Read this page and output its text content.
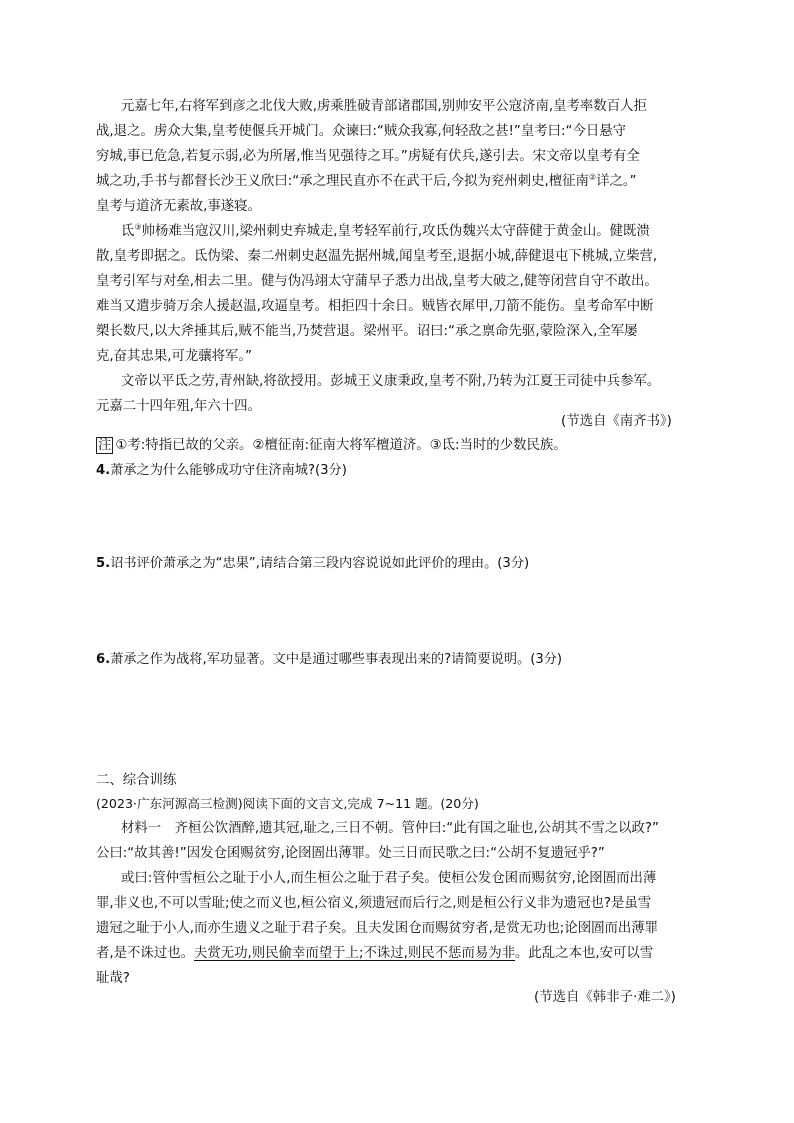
元嘉七年,右将军到彦之北伐大败,虏乘胜破青部诸郡国,别帅安平公寇济南,皇考率数百人拒
战,退之。虏众大集,皇考使偃兵开城门。众谏曰:“贼众我寡,何轻敌之甚!”皇考曰:“今日悬守
穷城,事已危急,若复示弱,必为所屠,惟当见强待之耳。”虏疑有伏兵,遂引去。宋文帝以皇考有全
城之功,手书与都督长沙王义欣曰:“承之理民直亦不在武干后,今拟为兖州刺史,檀征南②详之。”
皇考与道济无素故,事遂寝。
氐③帅杨难当寇汉川,梁州刺史弃城走,皇考轻军前行,攻氐伪魏兴太守薛健于黄金山。健既溃
散,皇考即据之。氐伪梁、秦二州刺史赵温先据州城,闻皇考至,退据小城,薛健退屯下桃城,立柴营,
皇考引军与对垒,相去二里。健与伪冯翊太守蒲早子悉力出战,皇考大破之,健等闭营自守不敢出。
难当又遣步骑万余人援赵温,攻逼皇考。相拒四十余日。贼皆衣犀甲,刀箭不能伤。皇考命军中断
槊长数尺,以大斧捶其后,贼不能当,乃焚营退。梁州平。诏曰:“承之禀命先驱,蒙险深入,全军屡
克,奋其忠果,可龙骧将军。”
文帝以平氐之劳,青州缺,将欲授用。彭城王义康秉政,皇考不附,乃转为江夏王司徒中兵参军。
元嘉二十四年殂,年六十四。
(节选自《南齐书》)
注 ①考:特指已故的父亲。②檀征南:征南大将军檀道济。③氐:当时的少数民族。
4.萧承之为什么能够成功守住济南城?(3分)
5.诏书评价萧承之为“忠果”,请结合第三段内容说说如此评价的理由。(3分)
6.萧承之作为战将,军功显著。文中是通过哪些事表现出来的?请简要说明。(3分)
二、综合训练
(2023·广东河源高三检测)阅读下面的文言文,完成 7~11 题。(20分)
材料一　齐桓公饮酒醉,遗其冠,耻之,三日不朝。管仲曰:“此有国之耻也,公胡其不雪之以政?”
公曰:“故其善!”因发仓囷赐贫穷,论囹圄出薄罪。处三日而民歌之曰:“公胡不复遗冠乎?”
或曰:管仲雪桓公之耻于小人,而生桓公之耻于君子矣。使桓公发仓囷而赐贫穷,论囹圄而出薄
罪,非义也,不可以雪耻;使之而义也,桓公宿义,须遗冠而后行之,则是桓公行义非为遗冠也?是虽雪
遗冠之耻于小人,而亦生遗义之耻于君子矣。且夫发囷仓而赐贫穷者,是赏无功也;论囹圄而出薄罪
者,是不诛过也。夫赏无功,则民偷幸而望于上;不诛过,则民不惩而易为非。此乱之本也,安可以雪
耻哉?
(节选自《韩非子·难二》)
